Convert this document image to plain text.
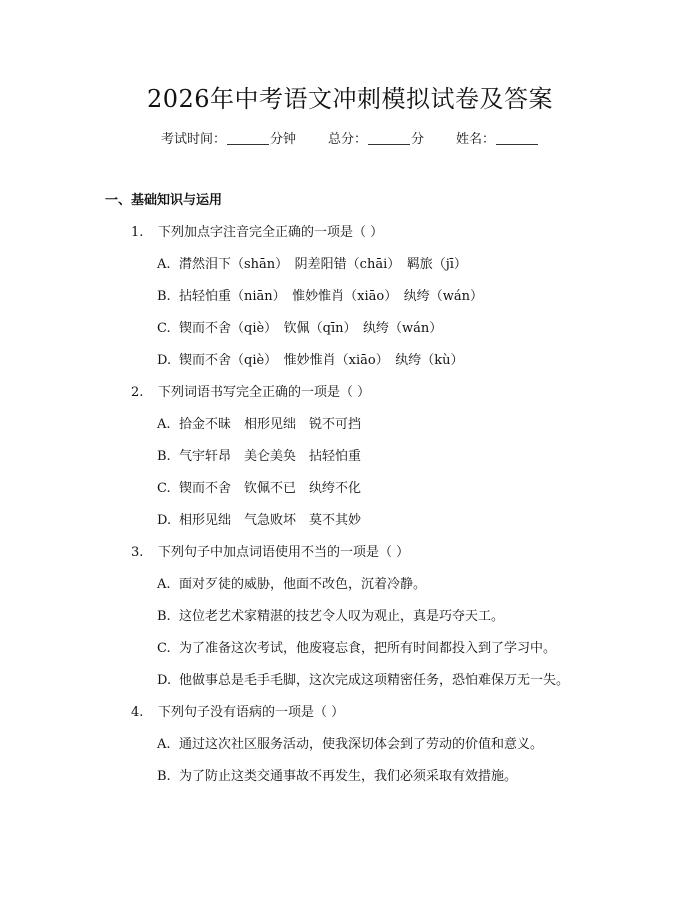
2026年中考语文冲刺模拟试卷及答案
考试时间：	分钟 总分：	分 姓名：
一、基础知识与运用
1. 下列加点字注音完全正确的一项是（ ）
A. 潸然泪下（shān）　阴差阳错（chāi）　羁旅（jī）
B. 拈轻怕重（niān）　惟妙惟肖（xiāo）　纨绔（wán）
C. 锲而不舍（qiè）　钦佩（qīn）　纨绔（wán）
D. 锲而不舍（qiè）　惟妙惟肖（xiāo）　纨绔（kù）
2. 下列词语书写完全正确的一项是（ ）
A. 拾金不昧　相形见绌　锐不可挡
B. 气宇轩昂　美仑美奂　拈轻怕重
C. 锲而不舍　钦佩不已　纨绔不化
D. 相形见绌　气急败坏　莫不其妙
3. 下列句子中加点词语使用不当的一项是（ ）
A. 面对歹徒的威胁，他面不改色，沉着冷静。
B. 这位老艺术家精湛的技艺令人叹为观止，真是巧夺天工。
C. 为了准备这次考试，他废寝忘食，把所有时间都投入到了学习中。
D. 他做事总是毛手毛脚，这次完成这项精密任务，恐怕难保万无一失。
4. 下列句子没有语病的一项是（ ）
A. 通过这次社区服务活动，使我深切体会到了劳动的价值和意义。
B. 为了防止这类交通事故不再发生，我们必须采取有效措施。
